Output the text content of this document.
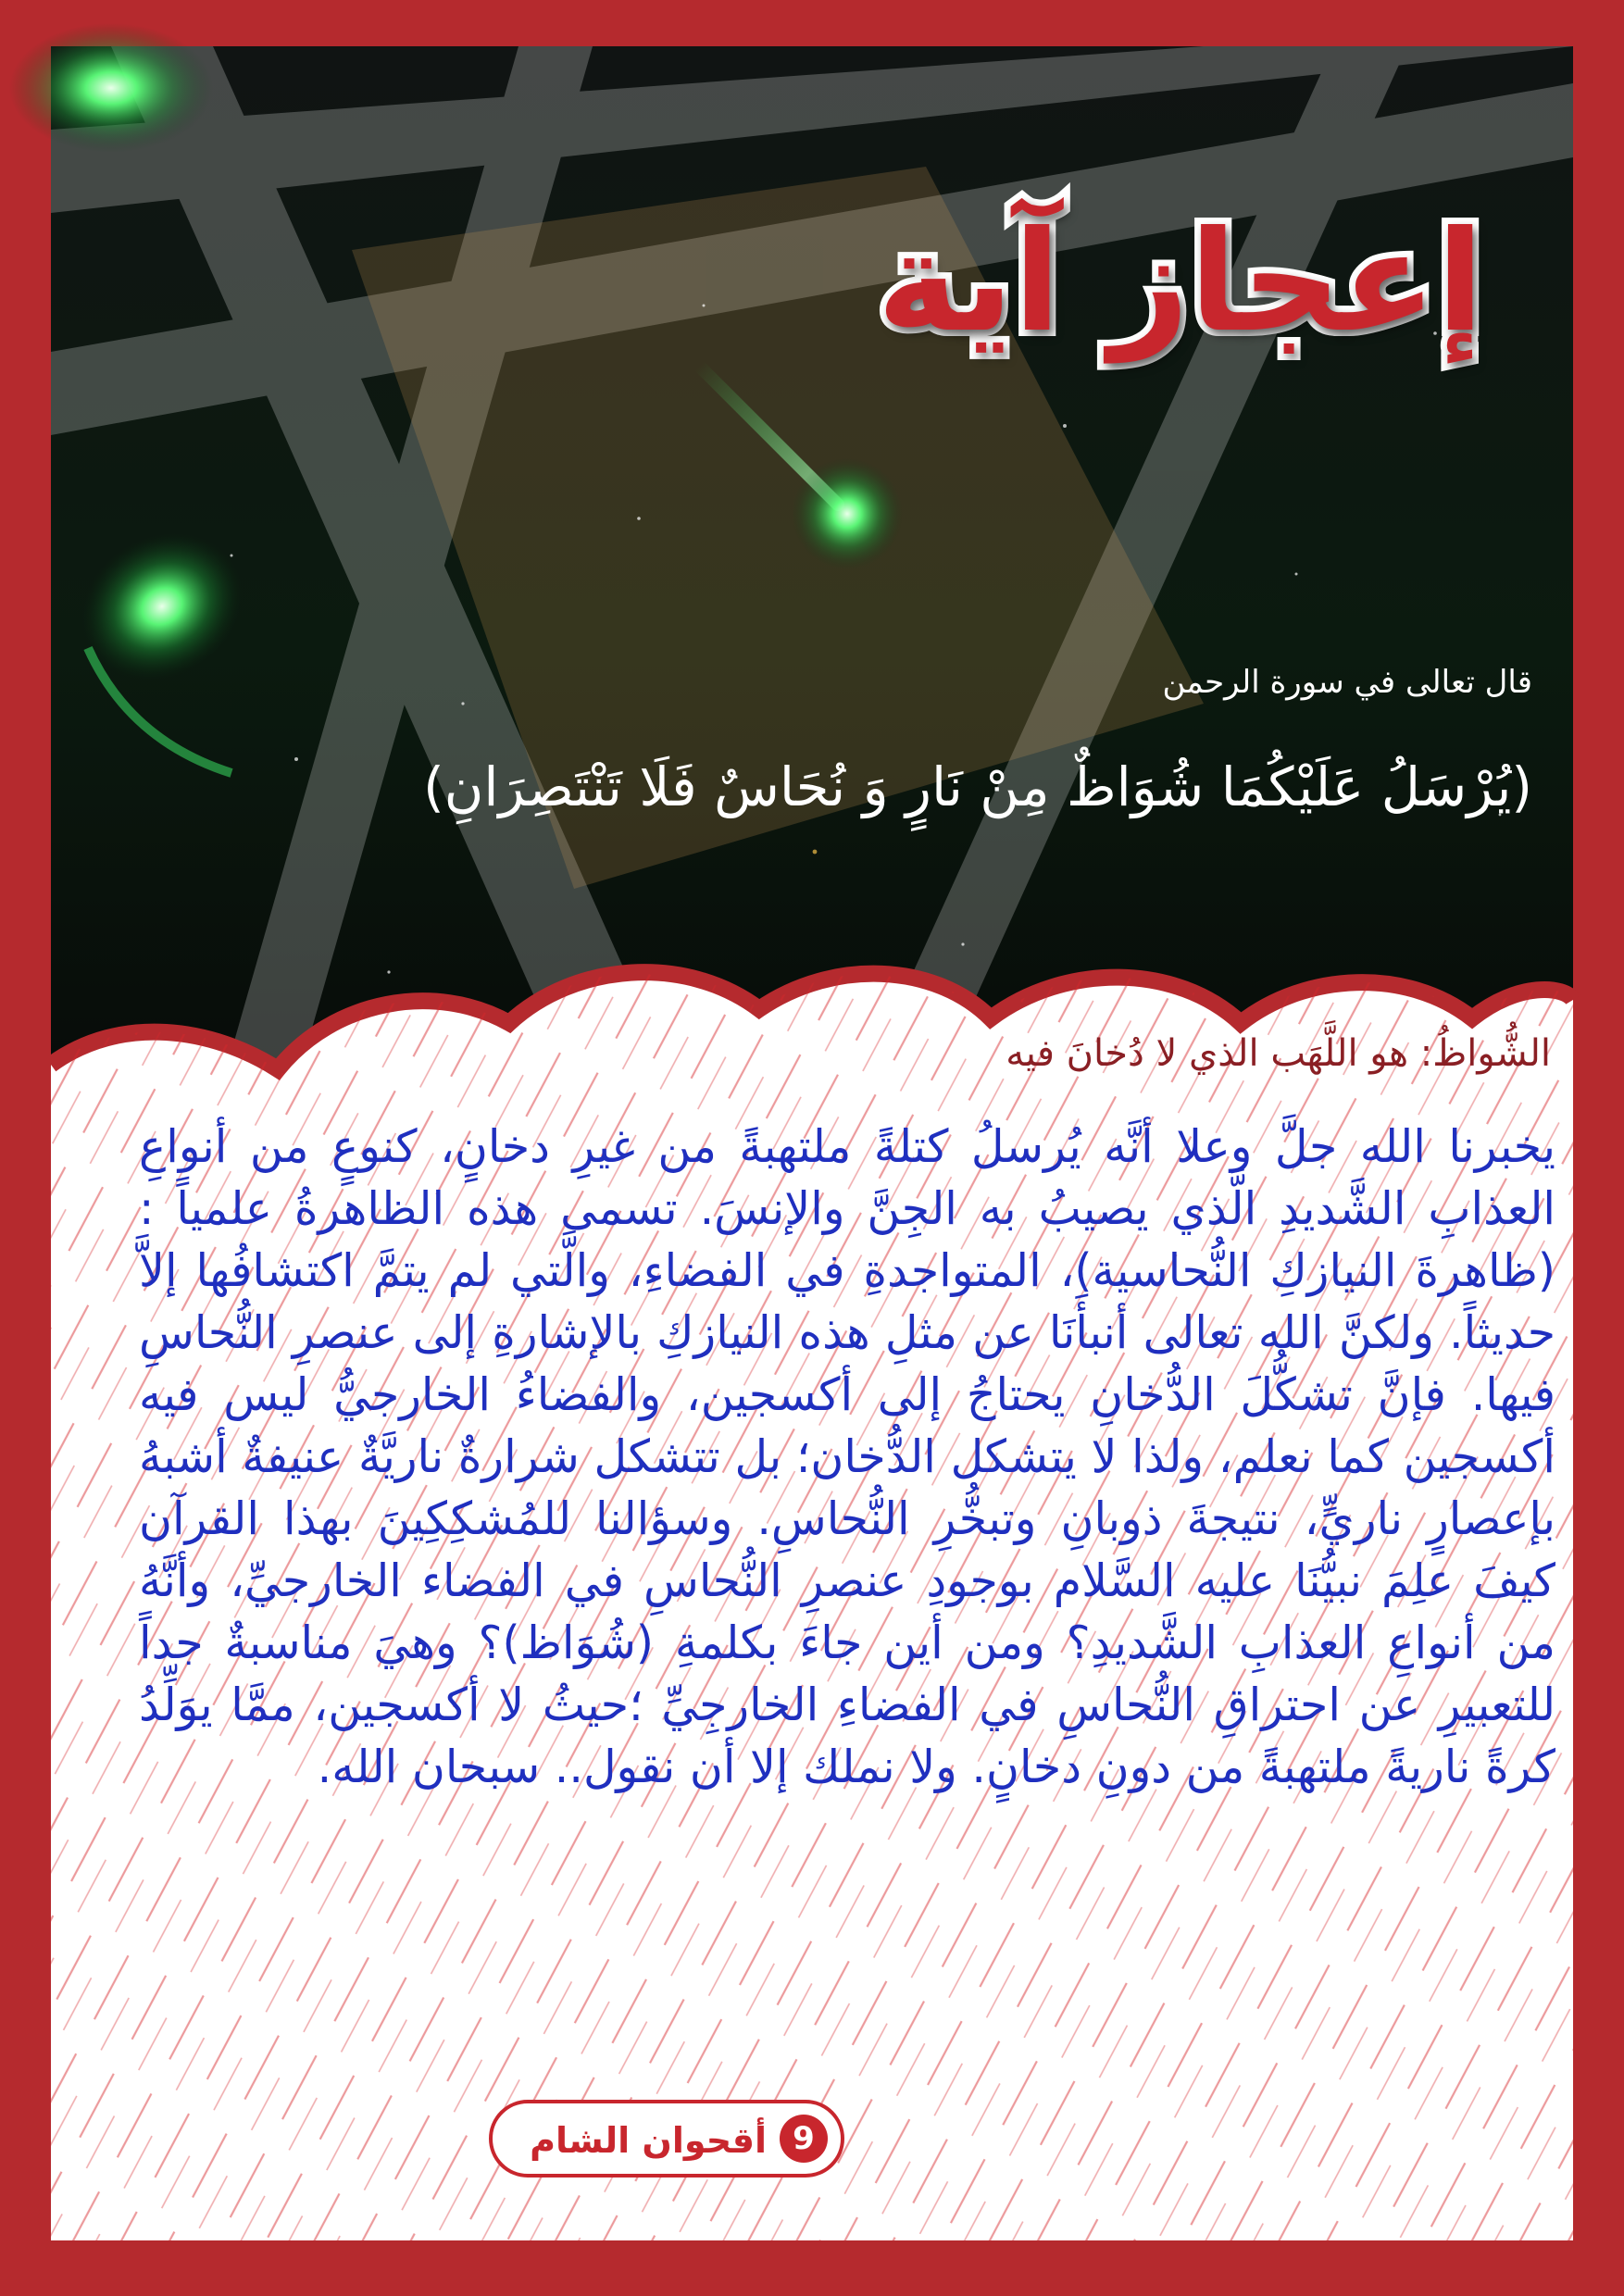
إعجاز آية

قال تعالى في سورة الرحمن

(يُرْسَلُ عَلَيْكُمَا شُوَاظٌ مِنْ نَارٍ وَ نُحَاسٌ فَلَا تَنْتَصِرَانِ)

الشُّواظُ: هو اللَّهَب الذي لا دُخانَ فيه

يخبرنا الله جلَّ وعلا أنَّه يُرسلُ كتلةً ملتهبةً من غيرِ دخانٍ، كنوعٍ من أنواعِ العذابِ الشَّديدِ الَّذي يصيبُ به الجِنَّ والإنسَ. تسمى هذه الظاهرةُ علمياً : (ظاهرةَ النيازكِ النُّحاسية)، المتواجدةِ في الفضاءِ، والَّتي لم يتمَّ اكتشافُها إلاَّ حديثاً. ولكنَّ الله تعالى أنبأَنَا عن مثلِ هذه النيازكِ بالإشارةِ إلى عنصرِ النُّحاسِ فيها. فإنَّ تشكُّلَ الدُّخانِ يحتاجُ إلى أكسجين، والفضاءُ الخارجيُّ ليس فيه أكسجين كما نعلم، ولذا لا يتشكل الدُّخان؛ بل تتشكل شرارةٌ ناريَّةٌ عنيفةٌ أشبهُ بإعصارٍ ناريٍّ، نتيجةَ ذوبانِ وتبخُّرِ النُّحاسِ. وسؤالنا للمُشكِكِينَ بهذا القرآن كيفَ علِمَ نبيُّنَا عليه السَّلام بوجودِ عنصرِ النُّحاسِ في الفضاء الخارجيِّ، وأنَّهُ من أنواعِ العذابِ الشَّديدِ؟ ومن أين جاءَ بكلمةِ (شُوَاظ)؟ وهيَ مناسبةٌ جداً للتعبيرِ عن احتراقِ النُّحاسِ في الفضاءِ الخارجِيِّ ؛حيثُ لا أكسجين، ممَّا يوَلِّدُ كرةً ناريةً ملتهبةً من دونِ دخانٍ. ولا نملك إلا أن نقول.. سبحان الله.

9
أقحوان الشام
